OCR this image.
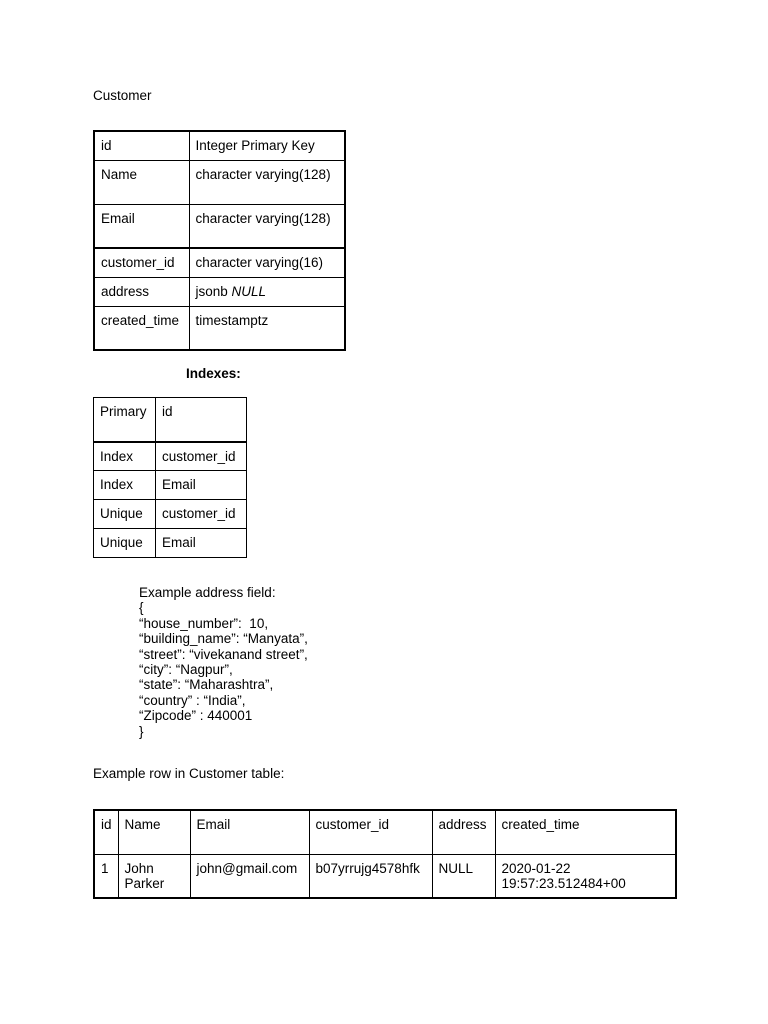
Customer
id	Integer Primary Key
Name	character varying(128)
Email	character varying(128)
customer_id	character varying(16)
address	jsonb NULL
created_time	timestamptz
Indexes:
Primary	id
Index	customer_id
Index	Email
Unique	customer_id
Unique	Email
Example address field:
{
“house_number”:  10,
“building_name”: “Manyata”,
“street”: “vivekanand street”,
“city”: “Nagpur”,
“state”: “Maharashtra”,
“country” : “India”,
“Zipcode” : 440001
}
Example row in Customer table:
id	Name	Email	customer_id	address	created_time
1	John Parker	john@gmail.com	b07yrrujg4578hfk	NULL	2020-01-22 19:57:23.512484+00
